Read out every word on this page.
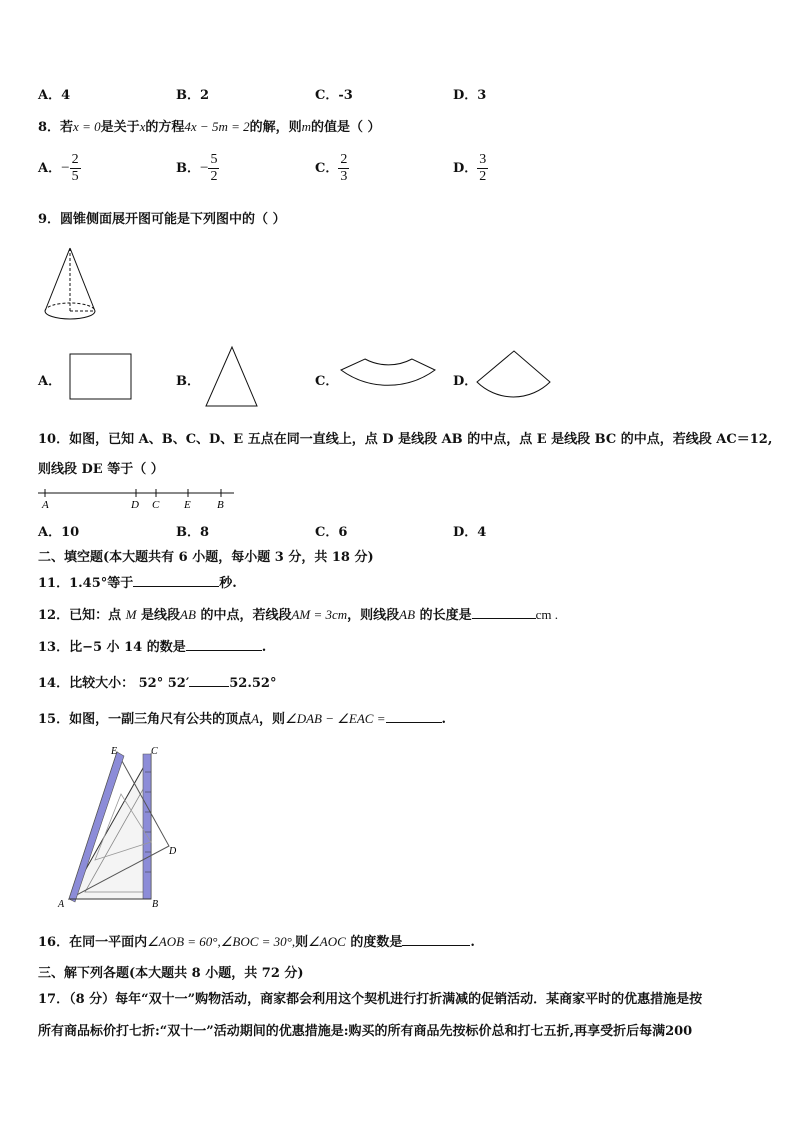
A．4	B．2	C．-3	D．3
8．若x = 0是关于x的方程4x − 5m = 2的解，则m的值是（ ）
A．− $\frac{2}{5}$	B．− $\frac{5}{2}$	C． $\frac{2}{3}$	D． $\frac{3}{2}$
9．圆锥侧面展开图可能是下列图中的（ ）
A．	B．	C．	D．
10．如图，已知 A、B、C、D、E 五点在同一直线上，点 D 是线段 AB 的中点，点 E 是线段 BC 的中点，若线段 AC＝12,
则线段 DE 等于（ ）
A	D C E B
A．10	B．8	C．6	D．4
二、填空题(本大题共有 6 小题，每小题 3 分，共 18 分)
11．1.45°等于	秒.
12．已知：点 M 是线段AB 的中点，若线段AM = 3cm，则线段AB 的长度是	cm .
13．比−5 小 14 的数是	.
14．比较大小： 52° 52′	52.52°
15．如图，一副三角尺有公共的顶点A，则∠DAB − ∠EAC =	.
E	C
D
A	B
16．在同一平面内∠AOB = 60°,∠BOC = 30°,则∠AOC 的度数是	.
三、解下列各题(本大题共 8 小题，共 72 分)
17．（8 分）每年“双十一”购物活动，商家都会利用这个契机进行打折满减的促销活动．某商家平时的优惠措施是按
所有商品标价打七折:“双十一”活动期间的优惠措施是:购买的所有商品先按标价总和打七五折,再享受折后每满200
